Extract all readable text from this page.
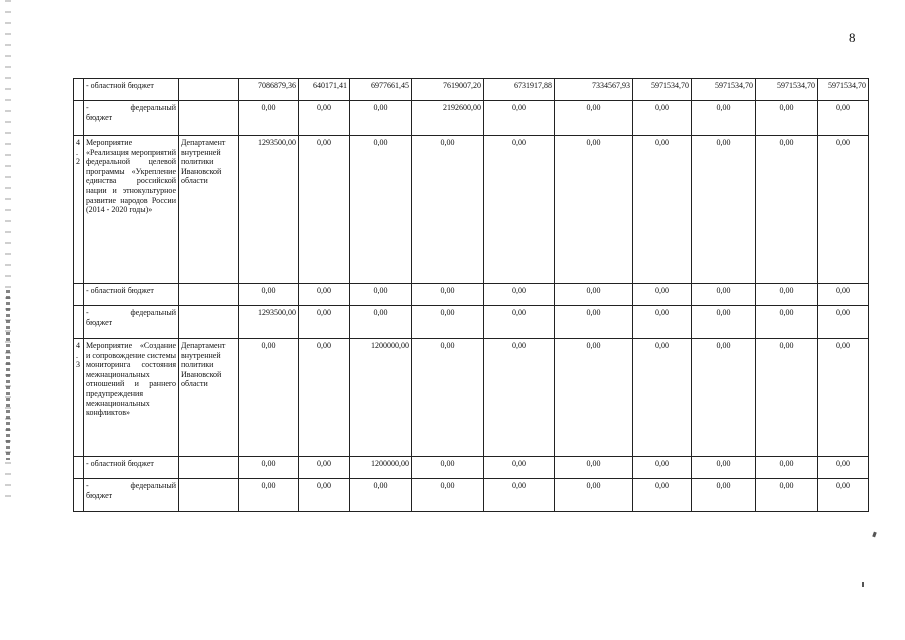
8
	- областной бюджет		7086879,36	640171,41	6977661,45	7619007,20	6731917,88	7334567,93	5971534,70	5971534,70	5971534,70	5971534,70

	- федеральный
бюджет		0,00	0,00	0,00	2192600,00	0,00	0,00	0,00	0,00	0,00	0,00
4.2	Мероприятие «Реализация мероприятий федеральной целевой программы «Укрепление единства российской нации и этнокультурное развитие народов России (2014 - 2020 годы)»	Департамент внутренней политики Ивановской области	1293500,00	0,00	0,00	0,00	0,00	0,00	0,00	0,00	0,00	0,00
	- областной бюджет		0,00	0,00	0,00	0,00	0,00	0,00	0,00	0,00	0,00	0,00

	- федеральный
бюджет		1293500,00	0,00	0,00	0,00	0,00	0,00	0,00	0,00	0,00	0,00
4.3	Мероприятие «Создание и сопровождение системы мониторинга состояния межнациональных отношений и раннего предупреждения межнациональных конфликтов»	Департамент внутренней политики Ивановской области	0,00	0,00	1200000,00	0,00	0,00	0,00	0,00	0,00	0,00	0,00
	- областной бюджет		0,00	0,00	1200000,00	0,00	0,00	0,00	0,00	0,00	0,00	0,00

	- федеральный
бюджет		0,00	0,00	0,00	0,00	0,00	0,00	0,00	0,00	0,00	0,00
